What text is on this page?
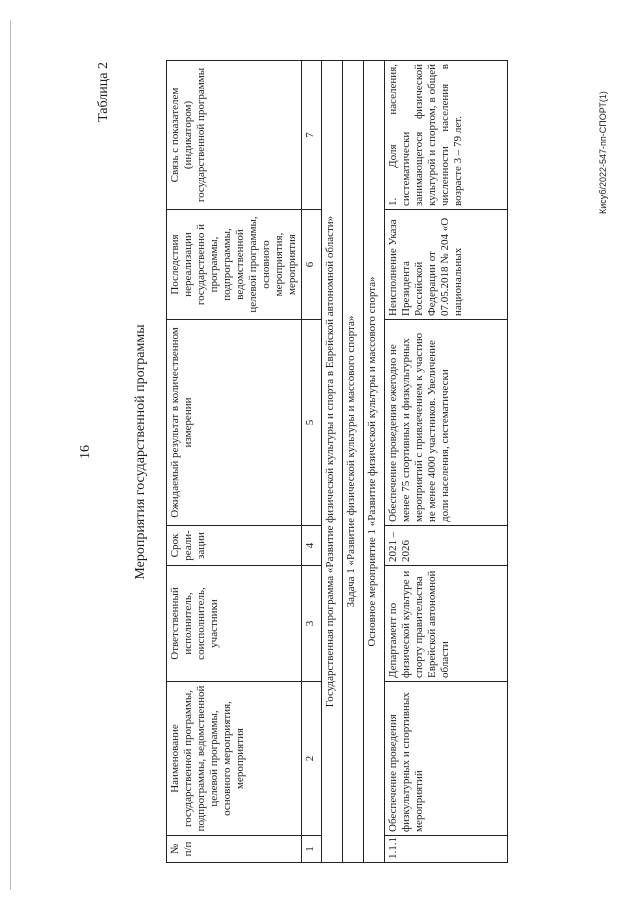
16
Таблица 2
Мероприятия государственной программы
№ п/п	Наименование государственной программы, подпрограммы, ведомственной целевой программы, основного мероприятия, мероприятия	Ответственный исполнитель, соисполнитель, участники	Срок реали-зации	Ожидаемый результат в количественном измерении	Последствия нереализации государственно й программы, подпрограммы, ведомственной целевой программы, основного мероприятия, мероприятия	Связь с показателем (индикатором) государственной программы
1	2	3	4	5	6	7
Государственная программа «Развитие физической культуры и спорта в Еврейской автономной области»						
Задача 1 «Развитие физической культуры и массового спорта»						
Основное мероприятие 1 «Развитие физической культуры и массового спорта»						
1.1.1	Обеспечение проведения физкультурных и спортивных мероприятий	Департамент по физической культуре и спорту правительства Еврейской автономной области	2021 – 2026	Обеспечение проведения ежегодно не менее 75 спортивных и физкультурных мероприятий с привлечением к участию не менее 4000 участников. Увеличение доли населения, систематически	Неисполнение Указа Президента Российской Федерации от 07.05.2018 № 204 «О национальных	1. Доля населения, систематически занимающегося физической культурой и спортом, в общей численности населения в возрасте 3 – 79 лет.	Кисуб/2022-547-пп-СПОРТ(1)
